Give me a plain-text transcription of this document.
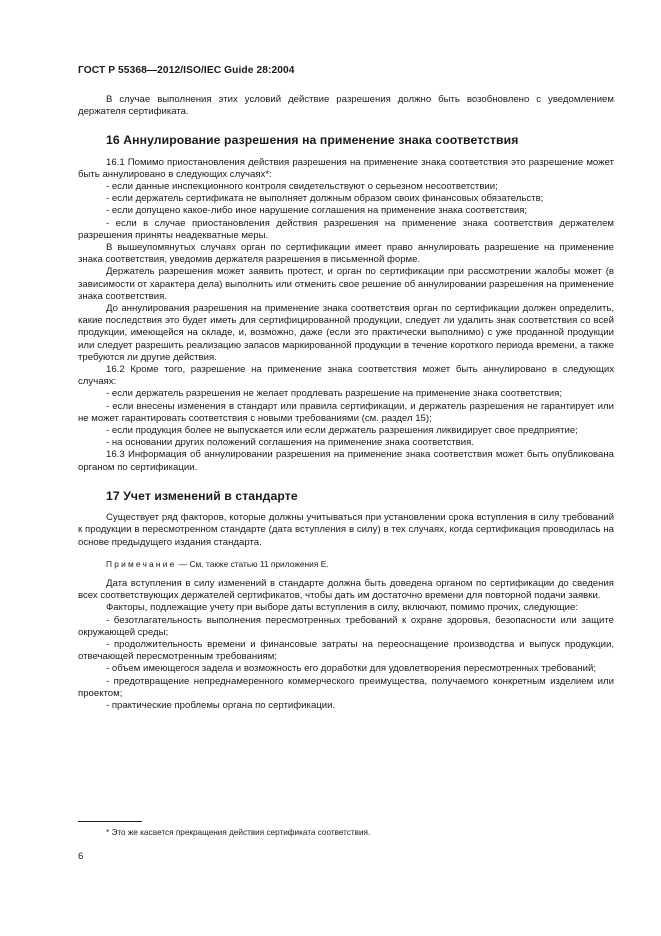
ГОСТ Р 55368—2012/ISO/IEC Guide 28:2004

В случае выполнения этих условий действие разрешения должно быть возобновлено с уведомлением держателя сертификата.

16 Аннулирование разрешения на применение знака соответствия

16.1 Помимо приостановления действия разрешения на применение знака соответствия это разрешение может быть аннулировано в следующих случаях*:

- если данные инспекционного контроля свидетельствуют о серьезном несоответствии;

- если держатель сертификата не выполняет должным образом своих финансовых обязательств;

- если допущено какое-либо иное нарушение соглашения на применение знака соответствия;

- если в случае приостановления действия разрешения на применение знака соответствия держателем разрешения приняты неадекватные меры.

В вышеупомянутых случаях орган по сертификации имеет право аннулировать разрешение на применение знака соответствия, уведомив держателя разрешения в письменной форме.

Держатель разрешения может заявить протест, и орган по сертификации при рассмотрении жалобы может (в зависимости от характера дела) выполнить или отменить свое решение об аннулировании разрешения на применение знака соответствия.

До аннулирования разрешения на применение знака соответствия орган по сертификации должен определить, какие последствия это будет иметь для сертифицированной продукции, следует ли удалить знак соответствия со всей продукции, имеющейся на складе, и, возможно, даже (если это практически выполнимо) с уже проданной продукции или следует разрешить реализацию запасов маркированной продукции в течение короткого периода времени, а также требуются ли другие действия.

16.2 Кроме того, разрешение на применение знака соответствия может быть аннулировано в следующих случаях:

- если держатель разрешения не желает продлевать разрешение на применение знака соответствия;

- если внесены изменения в стандарт или правила сертификации, и держатель разрешения не гарантирует или не может гарантировать соответствия с новыми требованиями (см. раздел 15);

- если продукция более не выпускается или если держатель разрешения ликвидирует свое предприятие;

- на основании других положений соглашения на применение знака соответствия.

16.3 Информация об аннулировании разрешения на применение знака соответствия может быть опубликована органом по сертификации.

17 Учет изменений в стандарте

Существует ряд факторов, которые должны учитываться при установлении срока вступления в силу требований к продукции в пересмотренном стандарте (дата вступления в силу) в тех случаях, когда сертификация проводилась на основе предыдущего издания стандарта.

Примечание — См. также статью 11 приложения Е.

Дата вступления в силу изменений в стандарте должна быть доведена органом по сертификации до сведения всех соответствующих держателей сертификатов, чтобы дать им достаточно времени для повторной подачи заявки.

Факторы, подлежащие учету при выборе даты вступления в силу, включают, помимо прочих, следующие:

- безотлагательность выполнения пересмотренных требований к охране здоровья, безопасности или защите окружающей среды;

- продолжительность времени и финансовые затраты на переоснащение производства и выпуск продукции, отвечающей пересмотренным требованиям;

- объем имеющегося задела и возможность его доработки для удовлетворения пересмотренных требований;

- предотвращение непреднамеренного коммерческого преимущества, получаемого конкретным изделием или проектом;

- практические проблемы органа по сертификации.

* Это же касается прекращения действия сертификата соответствия.
6
